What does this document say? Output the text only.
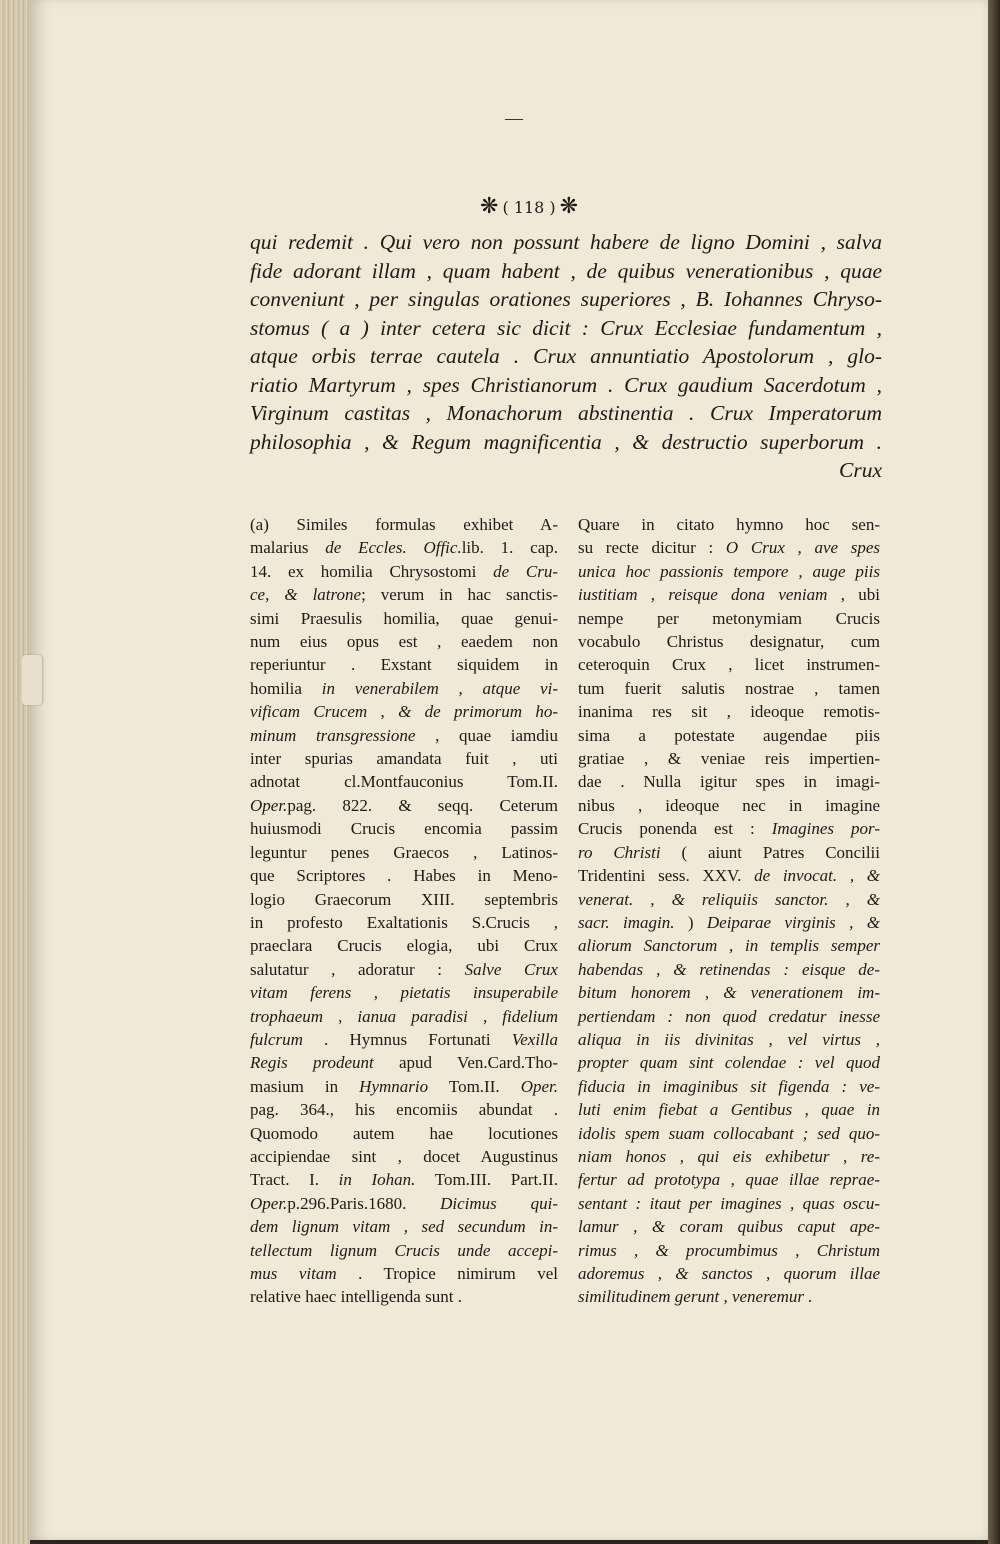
—
❋ ( 118 ) ❋
qui redemit . Qui vero non possunt habere de ligno Domini , salva
fide adorant illam , quam habent , de quibus venerationibus , quae
conveniunt , per singulas orationes superiores , B. Iohannes Chryso-
stomus ( a ) inter cetera sic dicit : Crux Ecclesiae fundamentum ,
atque orbis terrae cautela . Crux annuntiatio Apostolorum , glo-
riatio Martyrum , spes Christianorum . Crux gaudium Sacerdotum ,
Virginum castitas , Monachorum abstinentia . Crux Imperatorum
philosophia , & Regum magnificentia , & destructio superborum .
Crux
(a) Similes formulas exhibet A-
malarius de Eccles. Offic.lib. 1. cap.
14. ex homilia Chrysostomi de Cru-
ce, & latrone; verum in hac sanctis-
simi Praesulis homilia, quae genui-
num eius opus est , eaedem non
reperiuntur . Exstant siquidem in
homilia in venerabilem , atque vi-
vificam Crucem , & de primorum ho-
minum transgressione , quae iamdiu
inter spurias amandata fuit , uti
adnotat cl.Montfauconius Tom.II.
Oper.pag. 822. & seqq. Ceterum
huiusmodi Crucis encomia passim
leguntur penes Graecos , Latinos-
que Scriptores . Habes in Meno-
logio Graecorum XIII. septembris
in profesto Exaltationis S.Crucis ,
praeclara Crucis elogia, ubi Crux
salutatur , adoratur : Salve Crux
vitam ferens , pietatis insuperabile
trophaeum , ianua paradisi , fidelium
fulcrum . Hymnus Fortunati Vexilla
Regis prodeunt apud Ven.Card.Tho-
masium in Hymnario Tom.II. Oper.
pag. 364., his encomiis abundat .
Quomodo autem hae locutiones
accipiendae sint , docet Augustinus
Tract. I. in Iohan. Tom.III. Part.II.
Oper.p.296.Paris.1680. Dicimus qui-
dem lignum vitam , sed secundum in-
tellectum lignum Crucis unde accepi-
mus vitam . Tropice nimirum vel
relative haec intelligenda sunt .
Quare in citato hymno hoc sen-
su recte dicitur : O Crux , ave spes
unica hoc passionis tempore , auge piis
iustitiam , reisque dona veniam , ubi
nempe per metonymiam Crucis
vocabulo Christus designatur, cum
ceteroquin Crux , licet instrumen-
tum fuerit salutis nostrae , tamen
inanima res sit , ideoque remotis-
sima a potestate augendae piis
gratiae , & veniae reis impertien-
dae . Nulla igitur spes in imagi-
nibus , ideoque nec in imagine
Crucis ponenda est : Imagines por-
ro Christi ( aiunt Patres Concilii
Tridentini sess. XXV. de invocat. , &
venerat. , & reliquiis sanctor. , &
sacr. imagin. ) Deiparae virginis , &
aliorum Sanctorum , in templis semper
habendas , & retinendas : eisque de-
bitum honorem , & venerationem im-
pertiendam : non quod credatur inesse
aliqua in iis divinitas , vel virtus ,
propter quam sint colendae : vel quod
fiducia in imaginibus sit figenda : ve-
luti enim fiebat a Gentibus , quae in
idolis spem suam collocabant ; sed quo-
niam honos , qui eis exhibetur , re-
fertur ad prototypa , quae illae reprae-
sentant : itaut per imagines , quas oscu-
lamur , & coram quibus caput ape-
rimus , & procumbimus , Christum
adoremus , & sanctos , quorum illae
similitudinem gerunt , veneremur .
